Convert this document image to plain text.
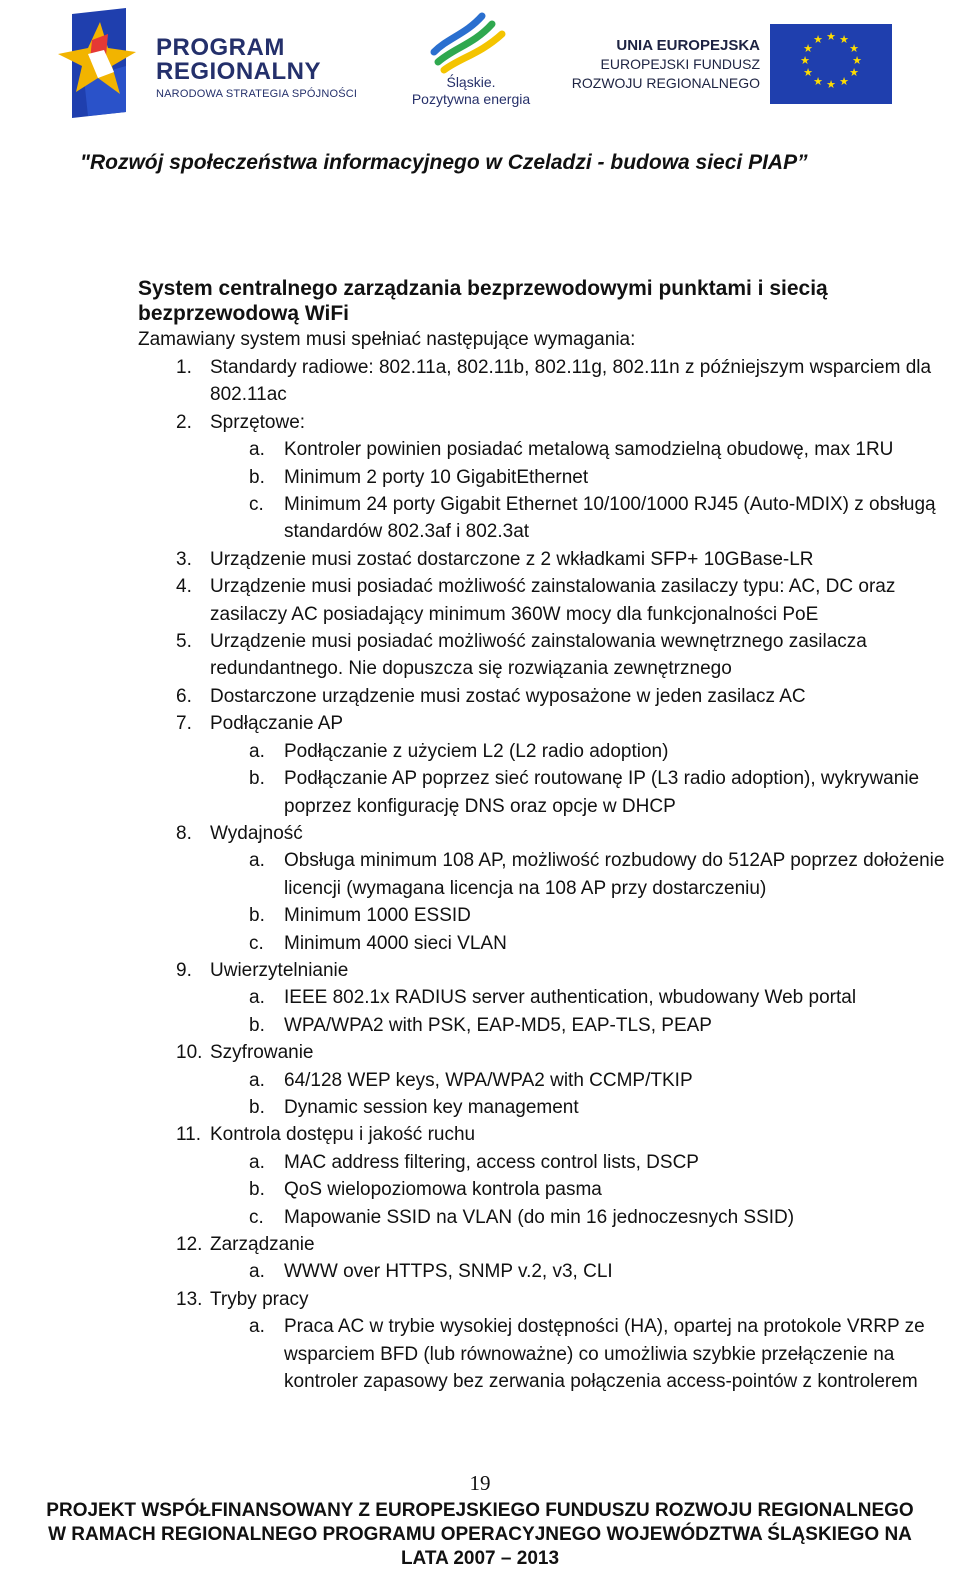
PROGRAM
REGIONALNY
NARODOWA STRATEGIA SPÓJNOŚCI
Śląskie.
Pozytywna energia
UNIA EUROPEJSKA
EUROPEJSKI FUNDUSZ
ROZWOJU REGIONALNEGO
★ ★
★
★
★
★
★
★
★
★
★
★
"Rozwój społeczeństwa informacyjnego w Czeladzi - budowa sieci PIAP”

System centralnego zarządzania bezprzewodowymi punktami i siecią
bezprzewodową WiFi

Zamawiany system musi spełniać następujące wymagania:

1. Standardy radiowe: 802.11a, 802.11b, 802.11g, 802.11n z późniejszym wsparciem dla 802.11ac
2. Sprzętowe:
a. Kontroler powinien posiadać metalową samodzielną obudowę, max 1RU
b. Minimum 2 porty 10 GigabitEthernet
c. Minimum 24 porty Gigabit Ethernet 10/100/1000 RJ45 (Auto-MDIX) z obsługą standardów 802.3af i 802.3at
3. Urządzenie musi zostać dostarczone z 2 wkładkami SFP+ 10GBase-LR
4. Urządzenie musi posiadać możliwość zainstalowania zasilaczy typu: AC, DC oraz zasilaczy AC posiadający minimum 360W mocy dla funkcjonalności PoE
5. Urządzenie musi posiadać możliwość zainstalowania wewnętrznego zasilacza redundantnego. Nie dopuszcza się rozwiązania zewnętrznego
6. Dostarczone urządzenie musi zostać wyposażone w jeden zasilacz AC
7. Podłączanie AP
a. Podłączanie z użyciem L2 (L2 radio adoption)
b. Podłączanie AP poprzez sieć routowanę IP (L3 radio adoption), wykrywanie poprzez konfigurację DNS oraz opcje w DHCP
8. Wydajność
a. Obsługa minimum 108 AP, możliwość rozbudowy do 512AP poprzez dołożenie licencji (wymagana licencja na 108 AP przy dostarczeniu)
b. Minimum 1000 ESSID
c. Minimum 4000 sieci VLAN
9. Uwierzytelnianie
a. IEEE 802.1x RADIUS server authentication, wbudowany Web portal
b. WPA/WPA2 with PSK, EAP-MD5, EAP-TLS, PEAP
10. Szyfrowanie
a. 64/128 WEP keys, WPA/WPA2 with CCMP/TKIP
b. Dynamic session key management
11. Kontrola dostępu i jakość ruchu
a. MAC address filtering, access control lists, DSCP
b. QoS wielopoziomowa kontrola pasma
c. Mapowanie SSID na VLAN (do min 16 jednoczesnych SSID)
12. Zarządzanie
a. WWW over HTTPS, SNMP v.2, v3, CLI
13. Tryby pracy
a. Praca AC w trybie wysokiej dostępności (HA), opartej na protokole VRRP ze wsparciem BFD (lub równoważne) co umożliwia szybkie przełączenie na kontroler zapasowy bez zerwania połączenia access-pointów z kontrolerem
19
PROJEKT WSPÓŁFINANSOWANY Z EUROPEJSKIEGO FUNDUSZU ROZWOJU REGIONALNEGO
W RAMACH REGIONALNEGO PROGRAMU OPERACYJNEGO WOJEWÓDZTWA ŚLĄSKIEGO NA
LATA 2007 – 2013
